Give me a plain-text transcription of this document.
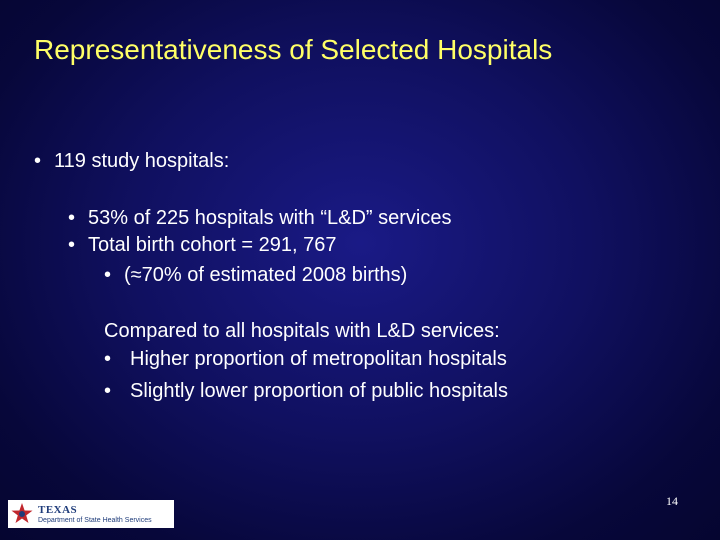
Representativeness of Selected Hospitals
• 119 study hospitals:
• 53% of 225 hospitals with “L&D” services
• Total birth cohort = 291, 767
• (≈70% of estimated 2008 births)
Compared to all hospitals with L&D services:
• Higher proportion of metropolitan hospitals
• Slightly lower proportion of public hospitals
14
TEXAS
Department of State Health Services
